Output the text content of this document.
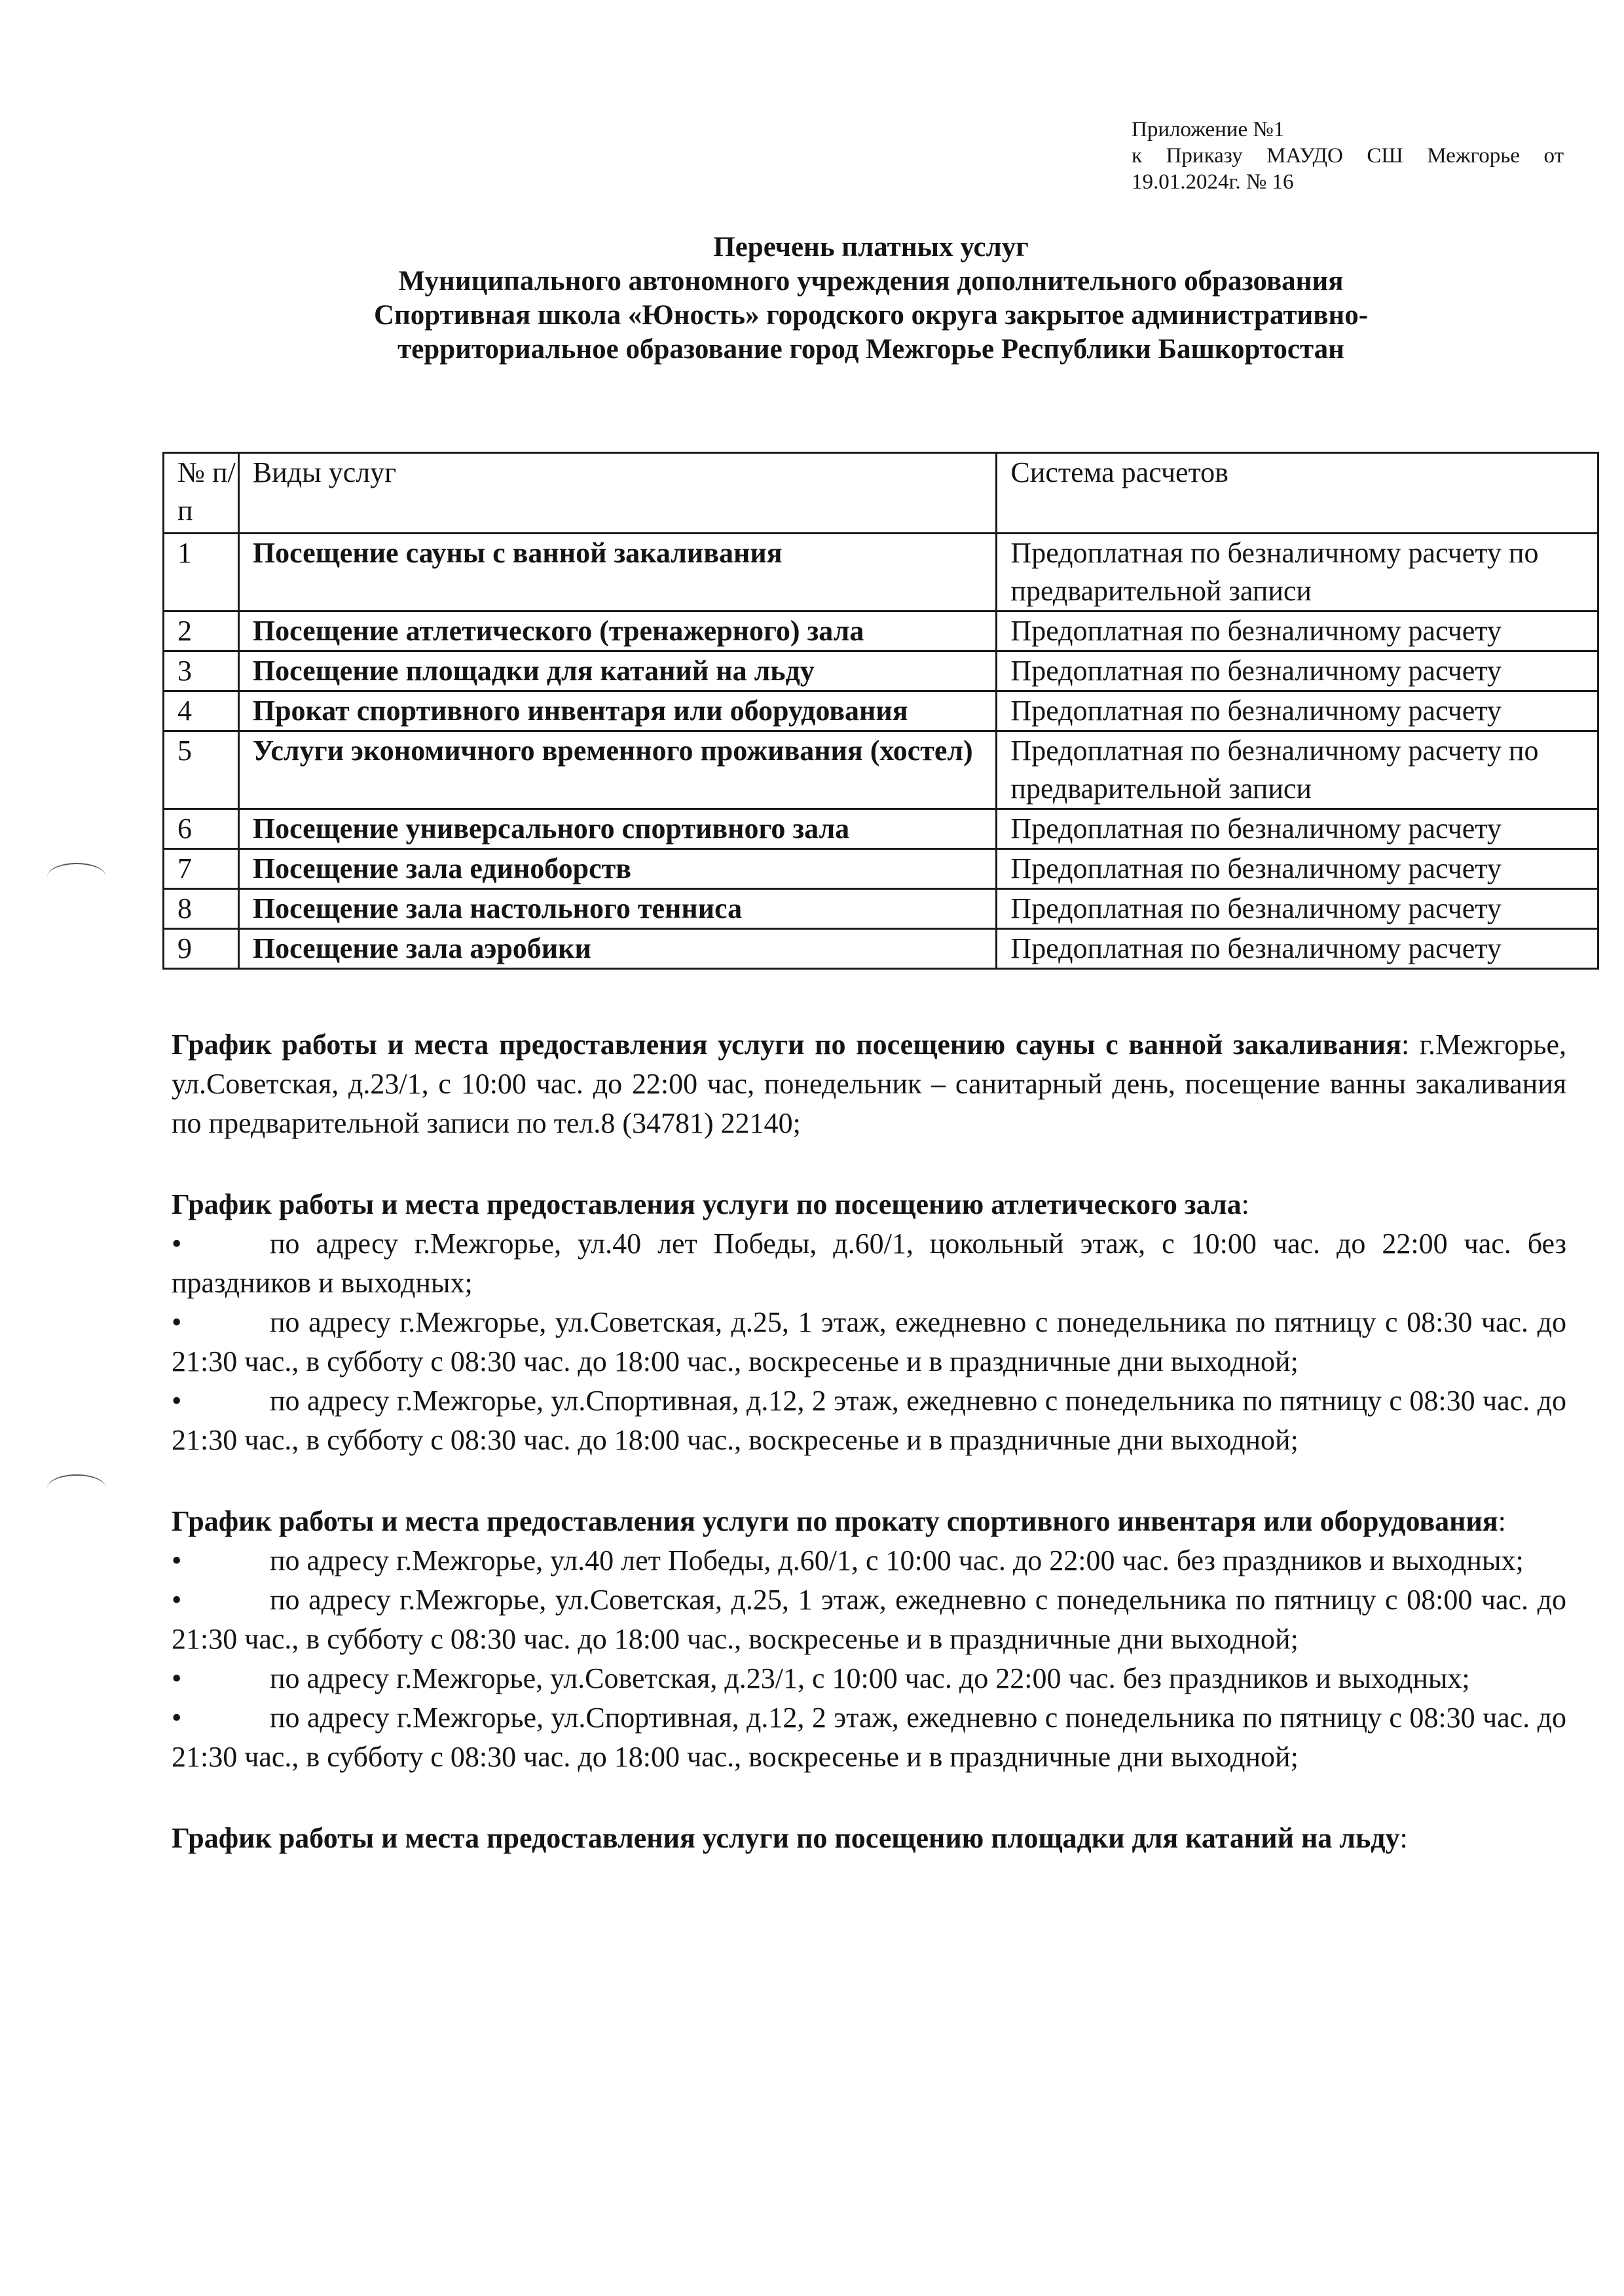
Приложение №1
к Приказу МАУДО СШ Межгорье от
19.01.2024г. № 16
Перечень платных услуг
Муниципального автономного учреждения дополнительного образования
Спортивная школа «Юность» городского округа закрытое административно-
территориальное образование город Межгорье Республики Башкортостан
№ п/п	Виды услуг	Система расчетов
1	Посещение сауны с ванной закаливания	Предоплатная по безналичному расчету по предварительной записи
2	Посещение атлетического (тренажерного) зала	Предоплатная по безналичному расчету
3	Посещение площадки для катаний на льду	Предоплатная по безналичному расчету
4	Прокат спортивного инвентаря или оборудования	Предоплатная по безналичному расчету
5	Услуги экономичного временного проживания (хостел)	Предоплатная по безналичному расчету по предварительной записи
6	Посещение универсального спортивного зала	Предоплатная по безналичному расчету
7	Посещение зала единоборств	Предоплатная по безналичному расчету
8	Посещение зала настольного тенниса	Предоплатная по безналичному расчету
9	Посещение зала аэробики	Предоплатная по безналичному расчету
График работы и места предоставления услуги по посещению сауны с ванной закаливания: г.Межгорье, ул.Советская, д.23/1, с 10:00 час. до 22:00 час, понедельник – санитарный день, посещение ванны закаливания по предварительной записи по тел.8 (34781) 22140;
График работы и места предоставления услуги по посещению атлетического зала:
• по адресу г.Межгорье, ул.40 лет Победы, д.60/1, цокольный этаж, с 10:00 час. до 22:00 час. без праздников и выходных;
• по адресу г.Межгорье, ул.Советская, д.25, 1 этаж, ежедневно с понедельника по пятницу с 08:30 час. до 21:30 час., в субботу с 08:30 час. до 18:00 час., воскресенье и в праздничные дни выходной;
• по адресу г.Межгорье, ул.Спортивная, д.12, 2 этаж, ежедневно с понедельника по пятницу с 08:30 час. до 21:30 час., в субботу с 08:30 час. до 18:00 час., воскресенье и в праздничные дни выходной;
График работы и места предоставления услуги по прокату спортивного инвентаря или оборудования:
• по адресу г.Межгорье, ул.40 лет Победы, д.60/1, с 10:00 час. до 22:00 час. без праздников и выходных;
• по адресу г.Межгорье, ул.Советская, д.25, 1 этаж, ежедневно с понедельника по пятницу с 08:00 час. до 21:30 час., в субботу с 08:30 час. до 18:00 час., воскресенье и в праздничные дни выходной;
• по адресу г.Межгорье, ул.Советская, д.23/1, с 10:00 час. до 22:00 час. без праздников и выходных;
• по адресу г.Межгорье, ул.Спортивная, д.12, 2 этаж, ежедневно с понедельника по пятницу с 08:30 час. до 21:30 час., в субботу с 08:30 час. до 18:00 час., воскресенье и в праздничные дни выходной;
График работы и места предоставления услуги по посещению площадки для катаний на льду:
